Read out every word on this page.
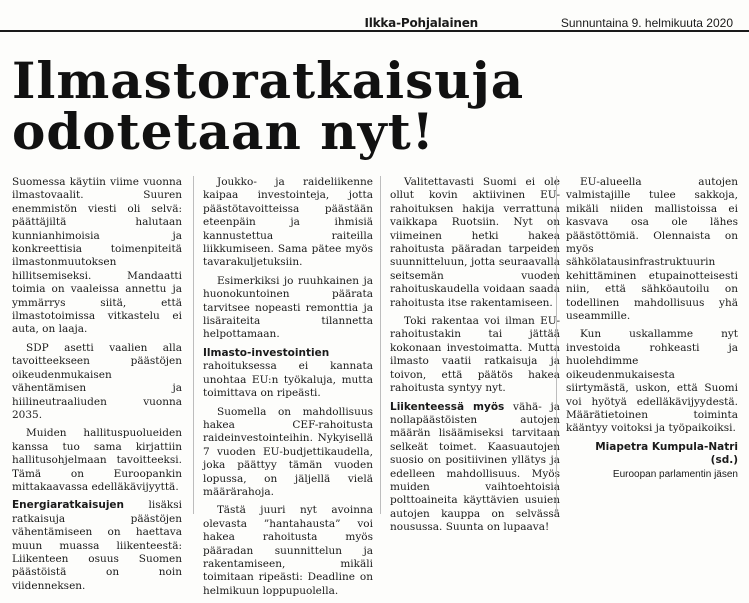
Ilkka-Pohjalainen	Sunnuntaina 9. helmikuuta 2020
Ilmastoratkaisuja
odotetaan nyt!

Suomessa käytiin viime vuonna ilmastovaalit. Suuren enemmistön viesti oli selvä: päättäjiltä halutaan kunnianhimoisia ja konkreettisia toimenpiteitä ilmastonmuutoksen hillitsemiseksi. Mandaatti toimia on vaaleissa annettu ja ymmärrys siitä, että ilmastotoimissa vitkastelu ei auta, on laaja.

SDP asetti vaalien alla tavoitteekseen päästöjen oikeudenmukaisen vähentämisen ja hiilineutraaliuden vuonna 2035.

Muiden hallituspuolueiden kanssa tuo sama kirjattiin hallitusohjelmaan tavoitteeksi. Tämä on Euroopankin mittakaavassa edelläkävijyyttä.

Energiaratkaisujen lisäksi ratkaisuja päästöjen vähentämiseen on haettava muun muassa liikenteestä: Liikenteen osuus Suomen päästöistä on noin viidenneksen.

Joukko- ja raideliikenne kaipaa investointeja, jotta päästötavoitteissa päästään eteenpäin ja ihmisiä kannustettua raiteilla liikkumiseen. Sama pätee myös tavarakuljetuksiin.

Esimerkiksi jo ruuhkainen ja huonokuntoinen päärata tarvitsee nopeasti remonttia ja lisäraiteita tilannetta helpottamaan.

Ilmasto-investointien rahoituksessa ei kannata unohtaa EU:n työkaluja, mutta toimittava on ripeästi.

Suomella on mahdollisuus hakea CEF-rahoitusta raideinvestointeihin. Nykyisellä 7 vuoden EU-budjettikaudella, joka päättyy tämän vuoden lopussa, on jäljellä vielä määrärahoja.

Tästä juuri nyt avoinna olevasta ”hantahausta” voi hakea rahoitusta myös pääradan suunnittelun ja rakentamiseen, mikäli toimitaan ripeästi: Deadline on helmikuun loppupuolella.

Valitettavasti Suomi ei ole ollut kovin aktiivinen EU-rahoituksen hakija verrattuna vaikkapa Ruotsiin. Nyt on viimeinen hetki hakea rahoitusta pääradan tarpeiden suunnitteluun, jotta seuraavalla seitsemän vuoden rahoituskaudella voidaan saada rahoitusta itse rakentamiseen.

Toki rakentaa voi ilman EU-rahoitustakin tai jättää kokonaan investoimatta. Mutta ilmasto vaatii ratkaisuja ja toivon, että päätös hakea rahoitusta syntyy nyt.

Liikenteessä myös vähä- ja nollapäästöisten autojen määrän lisäämiseksi tarvitaan selkeät toimet. Kaasuautojen suosio on positiivinen yllätys ja edelleen mahdollisuus. Myös muiden vaihtoehtoisia polttoaineita käyttävien usuien autojen kauppa on selvässä nousussa. Suunta on lupaava!

EU-alueella autojen valmistajille tulee sakkoja, mikäli niiden mallistoissa ei kasvava osa ole lähes päästöttömiä. Olennaista on myös sähkölatausinfrastruktuurin kehittäminen etupainotteisesti niin, että sähköautoilu on todellinen mahdollisuus yhä useammille.

Kun uskallamme nyt investoida rohkeasti ja huolehdimme oikeudenmukaisesta siirtymästä, uskon, että Suomi voi hyötyä edelläkävijyydestä. Määrätietoinen toiminta kääntyy voitoksi ja työpaikoiksi.

Miapetra Kumpula-Natri (sd.)
Euroopan parlamentin jäsen
